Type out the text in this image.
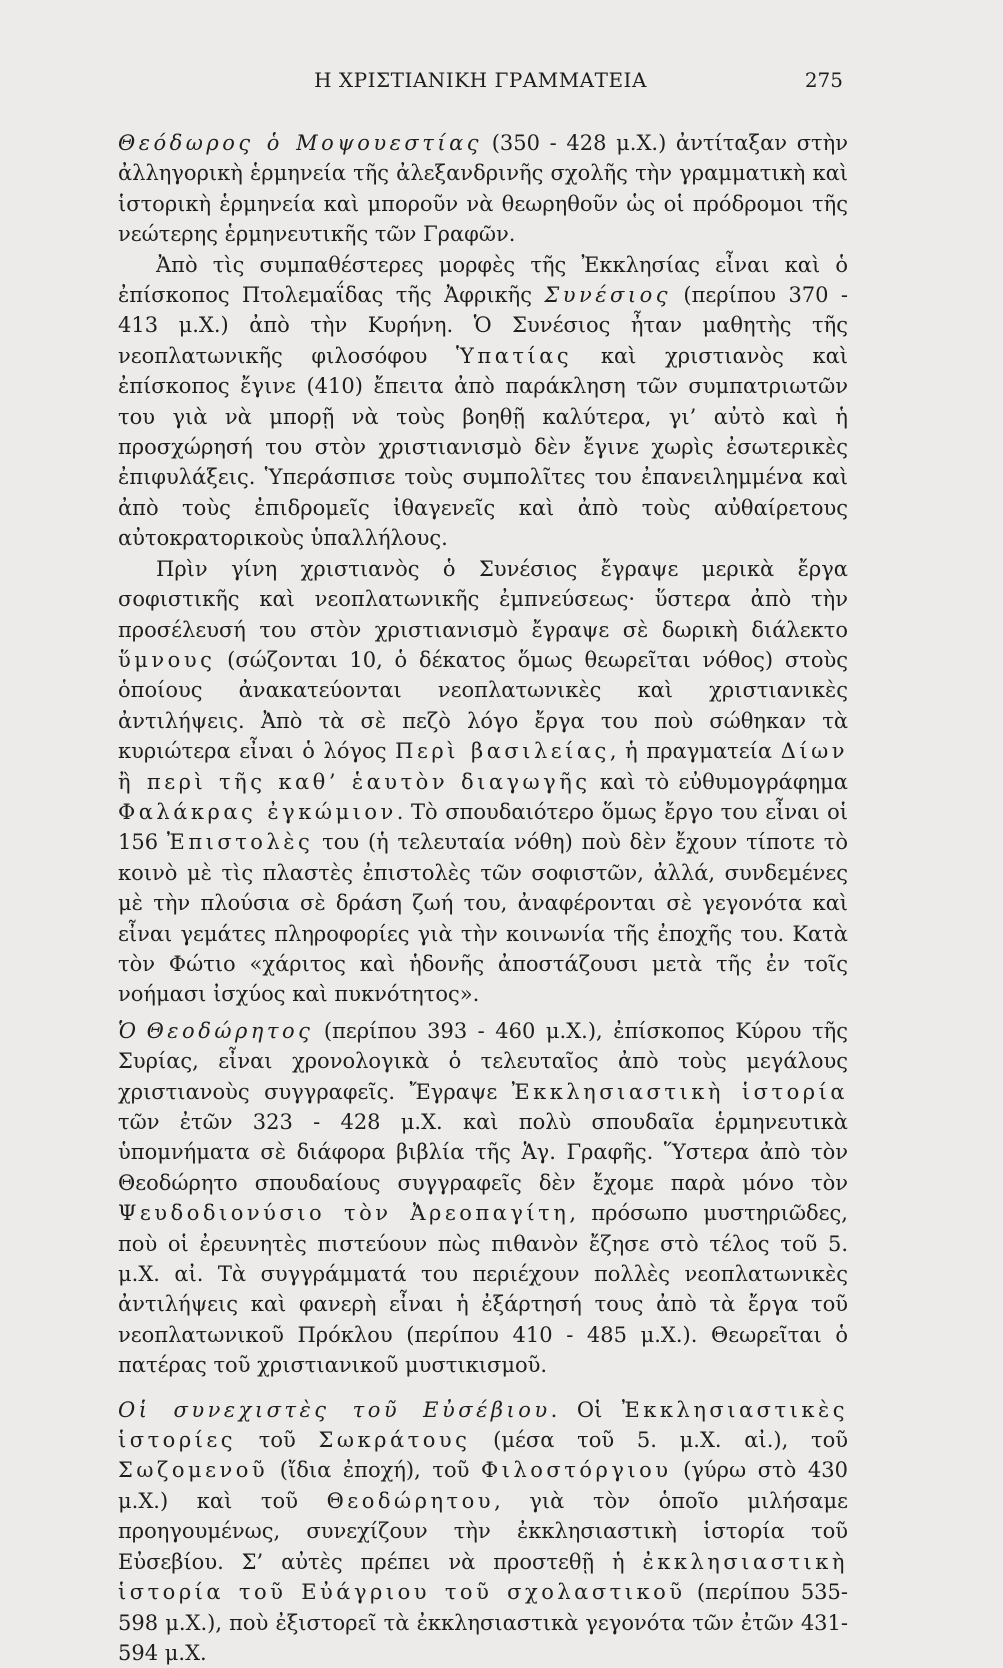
Η ΧΡΙΣΤΙΑΝΙΚΗ ΓΡΑΜΜΑΤΕΙΑ	275

Θεόδωρος ὁ Μοψουεστίας (350 - 428 μ.Χ.) ἀντίταξαν στὴν ἀλληγορικὴ ἑρμηνεία τῆς ἀλεξανδρινῆς σχολῆς τὴν γραμματικὴ καὶ ἱστορικὴ ἑρμηνεία καὶ μποροῦν νὰ θεωρηθοῦν ὡς οἱ πρόδρομοι τῆς νεώτερης ἑρμηνευτικῆς τῶν Γραφῶν.

Ἀπὸ τὶς συμπαθέστερες μορφὲς τῆς Ἐκκλησίας εἶναι καὶ ὁ ἐπίσκοπος Πτολεμαΐδας τῆς Ἀφρικῆς Συνέσιος (περίπου 370 - 413 μ.Χ.) ἀπὸ τὴν Κυρήνη. Ὁ Συνέσιος ἦταν μαθητὴς τῆς νεοπλατωνικῆς φιλοσόφου Ὑπατίας καὶ χριστιανὸς καὶ ἐπίσκοπος ἔγινε (410) ἔπειτα ἀπὸ παράκληση τῶν συμπατριωτῶν του γιὰ νὰ μπορῇ νὰ τοὺς βοηθῇ καλύτερα, γι’ αὐτὸ καὶ ἡ προσχώρησή του στὸν χριστιανισμὸ δὲν ἔγινε χωρὶς ἐσωτερικὲς ἐπιφυλάξεις. Ὑπεράσπισε τοὺς συμπολῖτες του ἐπανειλημμένα καὶ ἀπὸ τοὺς ἐπιδρομεῖς ἰθαγενεῖς καὶ ἀπὸ τοὺς αὐθαίρετους αὐτοκρατορικοὺς ὑπαλλήλους.

Πρὶν γίνη χριστιανὸς ὁ Συνέσιος ἔγραψε μερικὰ ἔργα σοφιστικῆς καὶ νεοπλατωνικῆς ἐμπνεύσεως· ὕστερα ἀπὸ τὴν προσέλευσή του στὸν χριστιανισμὸ ἔγραψε σὲ δωρικὴ διάλεκτο ὕμνους (σώζονται 10, ὁ δέκατος ὅμως θεωρεῖται νόθος) στοὺς ὁποίους ἀνακατεύονται νεοπλατωνικὲς καὶ χριστιανικὲς ἀντιλήψεις. Ἀπὸ τὰ σὲ πεζὸ λόγο ἔργα του ποὺ σώθηκαν τὰ κυριώτερα εἶναι ὁ λόγος Περὶ βασιλείας, ἡ πραγματεία Δίων ἢ περὶ τῆς καθ’ ἑαυτὸν διαγωγῆς καὶ τὸ εὐθυμογράφημα Φαλάκρας ἐγκώμιον. Τὸ σπουδαιότερο ὅμως ἔργο του εἶναι οἱ 156 Ἐπιστολὲς του (ἡ τελευταία νόθη) ποὺ δὲν ἔχουν τίποτε τὸ κοινὸ μὲ τὶς πλαστὲς ἐπιστολὲς τῶν σοφιστῶν, ἀλλά, συνδεμένες μὲ τὴν πλούσια σὲ δράση ζωή του, ἀναφέρονται σὲ γεγονότα καὶ εἶναι γεμάτες πληροφορίες γιὰ τὴν κοινωνία τῆς ἐποχῆς του. Κατὰ τὸν Φώτιο «χάριτος καὶ ἡδονῆς ἀποστάζουσι μετὰ τῆς ἐν τοῖς νοήμασι ἰσχύος καὶ πυκνότητος».

Ὁ Θεοδώρητος (περίπου 393 - 460 μ.Χ.), ἐπίσκοπος Κύρου τῆς Συρίας, εἶναι χρονολογικὰ ὁ τελευταῖος ἀπὸ τοὺς μεγάλους χριστιανοὺς συγγραφεῖς. Ἔγραψε Ἐκκλησιαστικὴ ἱστορία τῶν ἐτῶν 323 - 428 μ.Χ. καὶ πολὺ σπουδαῖα ἑρμηνευτικὰ ὑπομνήματα σὲ διάφορα βιβλία τῆς Ἁγ. Γραφῆς. Ὕστερα ἀπὸ τὸν Θεοδώρητο σπουδαίους συγγραφεῖς δὲν ἔχομε παρὰ μόνο τὸν Ψευδοδιονύσιο τὸν Ἀρεοπαγίτη, πρόσωπο μυστηριῶδες, ποὺ οἱ ἐρευνητὲς πιστεύουν πὼς πιθανὸν ἔζησε στὸ τέλος τοῦ 5. μ.Χ. αἰ. Τὰ συγγράμματά του περιέχουν πολλὲς νεοπλατωνικὲς ἀντιλήψεις καὶ φανερὴ εἶναι ἡ ἐξάρτησή τους ἀπὸ τὰ ἔργα τοῦ νεοπλατωνικοῦ Πρόκλου (περίπου 410 - 485 μ.Χ.). Θεωρεῖται ὁ πατέρας τοῦ χριστιανικοῦ μυστικισμοῦ.

Οἱ συνεχιστὲς τοῦ Εὐσέβιου. Οἱ Ἐκκλησιαστικὲς ἱστορίες τοῦ Σωκράτους (μέσα τοῦ 5. μ.Χ. αἰ.), τοῦ Σωζομενοῦ (ἴδια ἐποχή), τοῦ Φιλοστόργιου (γύρω στὸ 430 μ.Χ.) καὶ τοῦ Θεοδώρητου, γιὰ τὸν ὁποῖο μιλήσαμε προηγουμένως, συνεχίζουν τὴν ἐκκλησιαστικὴ ἱστορία τοῦ Εὐσεβίου. Σ’ αὐτὲς πρέπει νὰ προστεθῇ ἡ ἐκκλησιαστικὴ ἱστορία τοῦ Εὐάγριου τοῦ σχολαστικοῦ (περίπου 535-598 μ.Χ.), ποὺ ἐξιστορεῖ τὰ ἐκκλησιαστικὰ γεγονότα τῶν ἐτῶν 431-594 μ.Χ.
